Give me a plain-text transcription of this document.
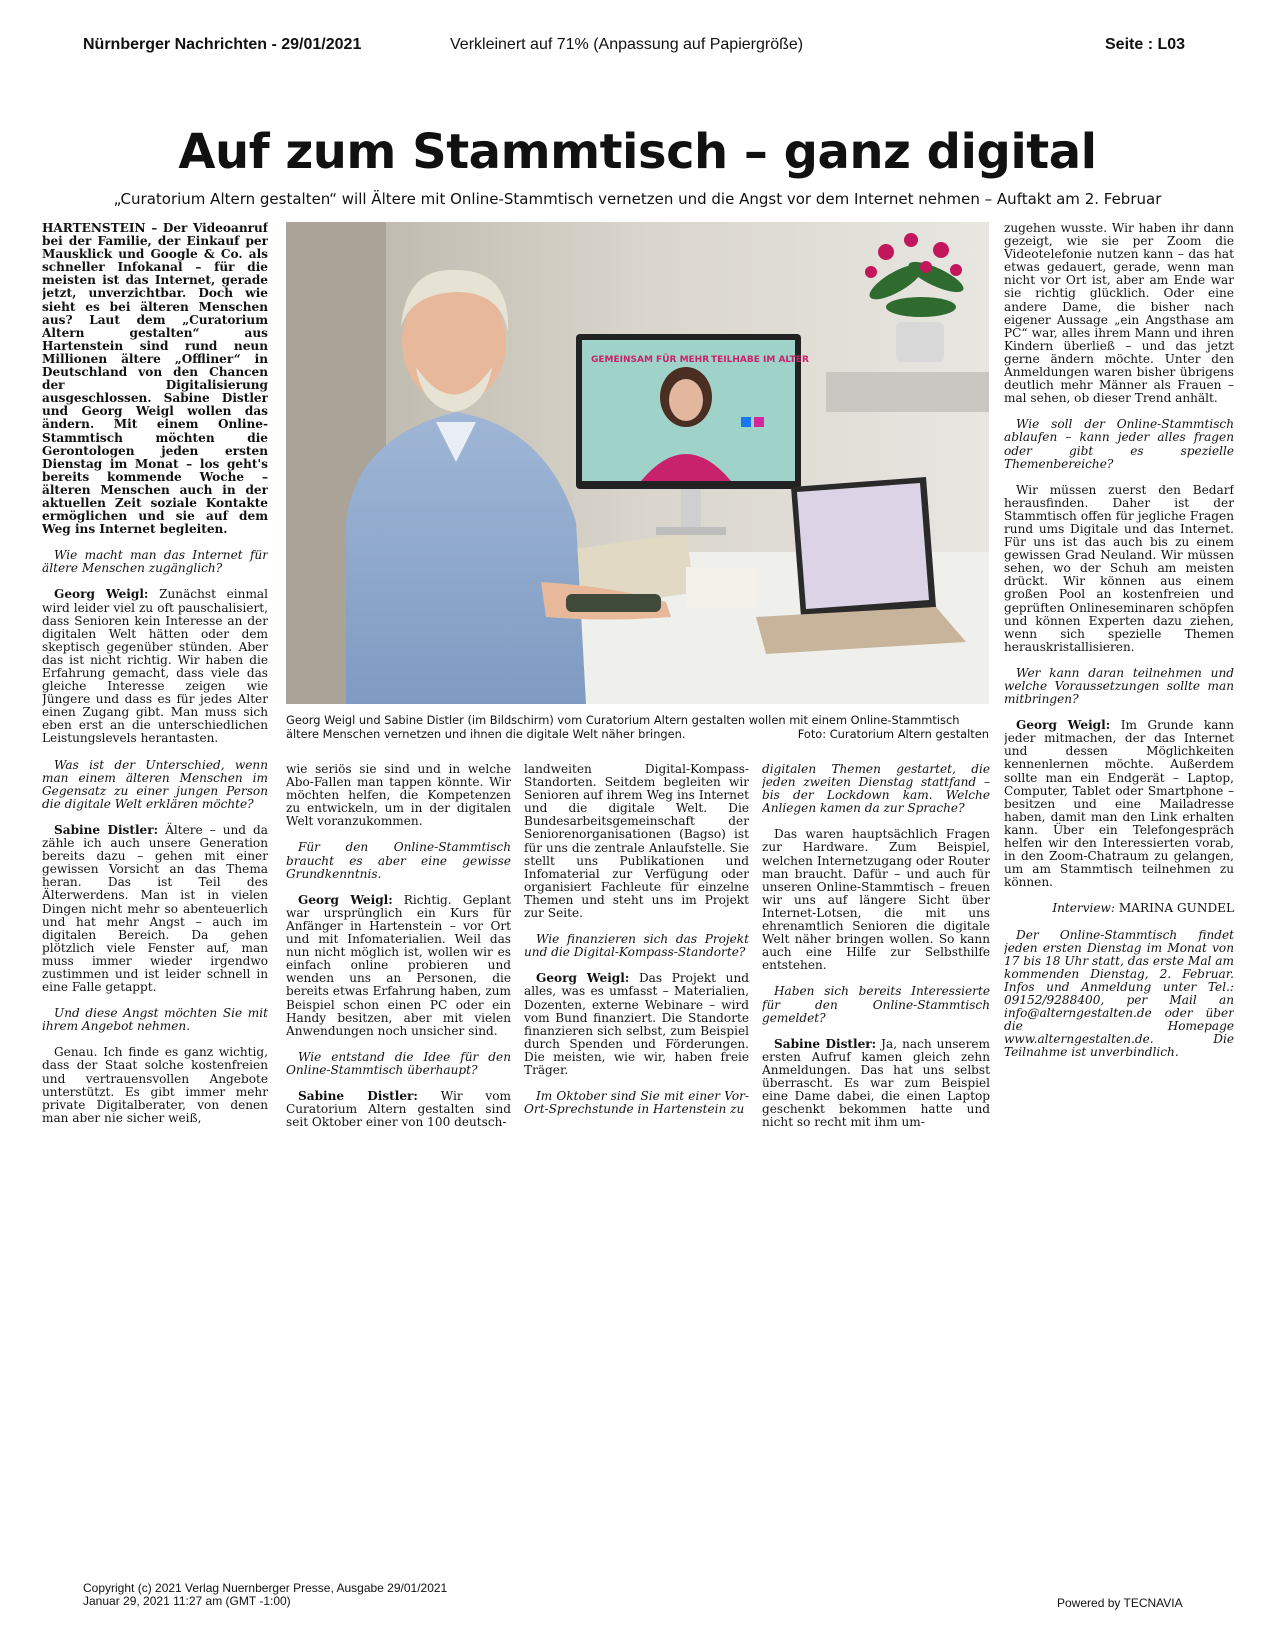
Nürnberger Nachrichten - 29/01/2021	Verkleinert auf 71% (Anpassung auf Papiergröße)	Seite : L03
Auf zum Stammtisch – ganz digital
„Curatorium Altern gestalten“ will Ältere mit Online-Stammtisch vernetzen und die Angst vor dem Internet nehmen – Auftakt am 2. Februar

HARTENSTEIN – Der Videoanruf bei der Familie, der Einkauf per Mausklick und Google & Co. als schneller Infokanal – für die meisten ist das Internet, gerade jetzt, unverzichtbar. Doch wie sieht es bei älteren Menschen aus? Laut dem „Curatorium Altern gestalten“ aus Hartenstein sind rund neun Millionen ältere „Offliner“ in Deutschland von den Chancen der Digitalisierung ausgeschlossen. Sabine Distler und Georg Weigl wollen das ändern. Mit einem Online-Stammtisch möchten die Gerontologen jeden ersten Dienstag im Monat – los geht's bereits kommende Woche – älteren Menschen auch in der aktuellen Zeit soziale Kontakte ermöglichen und sie auf dem Weg ins Internet begleiten.

Wie macht man das Internet für ältere Menschen zugänglich?

Georg Weigl: Zunächst einmal wird leider viel zu oft pauschalisiert, dass Senioren kein Interesse an der digitalen Welt hätten oder dem skeptisch gegenüber stünden. Aber das ist nicht richtig. Wir haben die Erfahrung gemacht, dass viele das gleiche Interesse zeigen wie Jüngere und dass es für jedes Alter einen Zugang gibt. Man muss sich eben erst an die unterschiedlichen Leistungslevels herantasten.

Was ist der Unterschied, wenn man einem älteren Menschen im Gegensatz zu einer jungen Person die digitale Welt erklären möchte?

Sabine Distler: Ältere – und da zähle ich auch unsere Generation bereits dazu – gehen mit einer gewissen Vorsicht an das Thema heran. Das ist Teil des Älterwerdens. Man ist in vielen Dingen nicht mehr so abenteuerlich und hat mehr Angst – auch im digitalen Bereich. Da gehen plötzlich viele Fenster auf, man muss immer wieder irgendwo zustimmen und ist leider schnell in eine Falle getappt.

Und diese Angst möchten Sie mit ihrem Angebot nehmen.

Genau. Ich finde es ganz wichtig, dass der Staat solche kostenfreien und vertrauensvollen Angebote unterstützt. Es gibt immer mehr private Digitalberater, von denen man aber nie sicher weiß,

GEMEINSAM FÜR MEHR TEILHABE IM ALTER
Georg Weigl und Sabine Distler (im Bildschirm) vom Curatorium Altern gestalten wollen mit einem Online-Stammtisch ältere Menschen vernetzen und ihnen die digitale Welt näher bringen.	Foto: Curatorium Altern gestalten

wie seriös sie sind und in welche Abo-Fallen man tappen könnte. Wir möchten helfen, die Kompetenzen zu entwickeln, um in der digitalen Welt voranzukommen.

Für den Online-Stammtisch braucht es aber eine gewisse Grundkenntnis.

Georg Weigl: Richtig. Geplant war ursprünglich ein Kurs für Anfänger in Hartenstein – vor Ort und mit Infomaterialien. Weil das nun nicht möglich ist, wollen wir es einfach online probieren und wenden uns an Personen, die bereits etwas Erfahrung haben, zum Beispiel schon einen PC oder ein Handy besitzen, aber mit vielen Anwendungen noch unsicher sind.

Wie entstand die Idee für den Online-Stammtisch überhaupt?

Sabine Distler: Wir vom Curatorium Altern gestalten sind seit Oktober einer von 100 deutsch-

landweiten Digital-Kompass-Standorten. Seitdem begleiten wir Senioren auf ihrem Weg ins Internet und die digitale Welt. Die Bundesarbeitsgemeinschaft der Seniorenorganisationen (Bagso) ist für uns die zentrale Anlaufstelle. Sie stellt uns Publikationen und Infomaterial zur Verfügung oder organisiert Fachleute für einzelne Themen und steht uns im Projekt zur Seite.

Wie finanzieren sich das Projekt und die Digital-Kompass-Standorte?

Georg Weigl: Das Projekt und alles, was es umfasst – Materialien, Dozenten, externe Webinare – wird vom Bund finanziert. Die Standorte finanzieren sich selbst, zum Beispiel durch Spenden und Förderungen. Die meisten, wie wir, haben freie Träger.

Im Oktober sind Sie mit einer Vor-Ort-Sprechstunde in Hartenstein zu

digitalen Themen gestartet, die jeden zweiten Dienstag stattfand – bis der Lockdown kam. Welche Anliegen kamen da zur Sprache?

Das waren hauptsächlich Fragen zur Hardware. Zum Beispiel, welchen Internetzugang oder Router man braucht. Dafür – und auch für unseren Online-Stammtisch – freuen wir uns auf längere Sicht über Internet-Lotsen, die mit uns ehrenamtlich Senioren die digitale Welt näher bringen wollen. So kann auch eine Hilfe zur Selbsthilfe entstehen.

Haben sich bereits Interessierte für den Online-Stammtisch gemeldet?

Sabine Distler: Ja, nach unserem ersten Aufruf kamen gleich zehn Anmeldungen. Das hat uns selbst überrascht. Es war zum Beispiel eine Dame dabei, die einen Laptop geschenkt bekommen hatte und nicht so recht mit ihm um-

zugehen wusste. Wir haben ihr dann gezeigt, wie sie per Zoom die Videotelefonie nutzen kann – das hat etwas gedauert, gerade, wenn man nicht vor Ort ist, aber am Ende war sie richtig glücklich. Oder eine andere Dame, die bisher nach eigener Aussage „ein Angsthase am PC“ war, alles ihrem Mann und ihren Kindern überließ – und das jetzt gerne ändern möchte. Unter den Anmeldungen waren bisher übrigens deutlich mehr Männer als Frauen – mal sehen, ob dieser Trend anhält.

Wie soll der Online-Stammtisch ablaufen – kann jeder alles fragen oder gibt es spezielle Themenbereiche?

Wir müssen zuerst den Bedarf herausfinden. Daher ist der Stammtisch offen für jegliche Fragen rund ums Digitale und das Internet. Für uns ist das auch bis zu einem gewissen Grad Neuland. Wir müssen sehen, wo der Schuh am meisten drückt. Wir können aus einem großen Pool an kostenfreien und geprüften Onlineseminaren schöpfen und können Experten dazu ziehen, wenn sich spezielle Themen herauskristallisieren.

Wer kann daran teilnehmen und welche Voraussetzungen sollte man mitbringen?

Georg Weigl: Im Grunde kann jeder mitmachen, der das Internet und dessen Möglichkeiten kennenlernen möchte. Außerdem sollte man ein Endgerät – Laptop, Computer, Tablet oder Smartphone – besitzen und eine Mailadresse haben, damit man den Link erhalten kann. Über ein Telefongespräch helfen wir den Interessierten vorab, in den Zoom-Chatraum zu gelangen, um am Stammtisch teilnehmen zu können.

Interview: MARINA GUNDEL

Der Online-Stammtisch findet jeden ersten Dienstag im Monat von 17 bis 18 Uhr statt, das erste Mal am kommenden Dienstag, 2. Februar. Infos und Anmeldung unter Tel.: 09152/9288400, per Mail an info@alterngestalten.de oder über die Homepage www.alterngestalten.de. Die Teilnahme ist unverbindlich.

Copyright (c) 2021 Verlag Nuernberger Presse, Ausgabe 29/01/2021
Januar 29, 2021 11:27 am (GMT -1:00)	Powered by TECNAVIA
